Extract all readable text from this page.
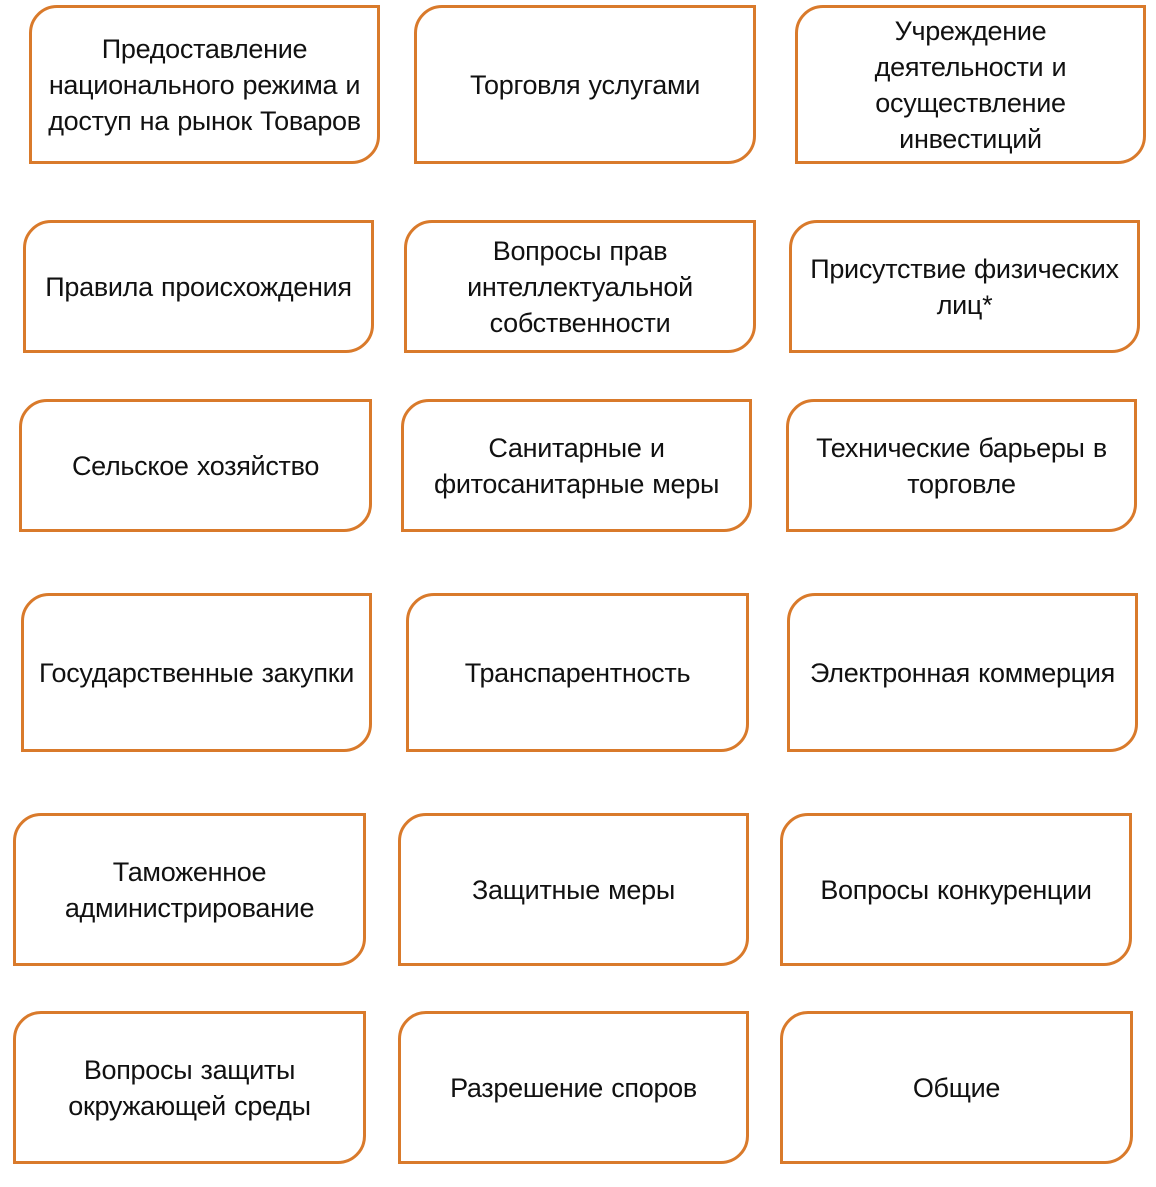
Предоставление национального режима и доступ на рынок Товаров
Торговля услугами
Учреждение деятельности и осуществление инвестиций
Правила происхождения
Вопросы прав интеллектуальной собственности
Присутствие физических лиц*
Сельское хозяйство
Санитарные и фитосанитарные меры
Технические барьеры в торговле
Государственные закупки	Транспарентность	Электронная коммерция
Таможенное администрирование
Защитные меры	Вопросы конкуренции
Вопросы защиты окружающей среды
Разрешение споров	Общие
